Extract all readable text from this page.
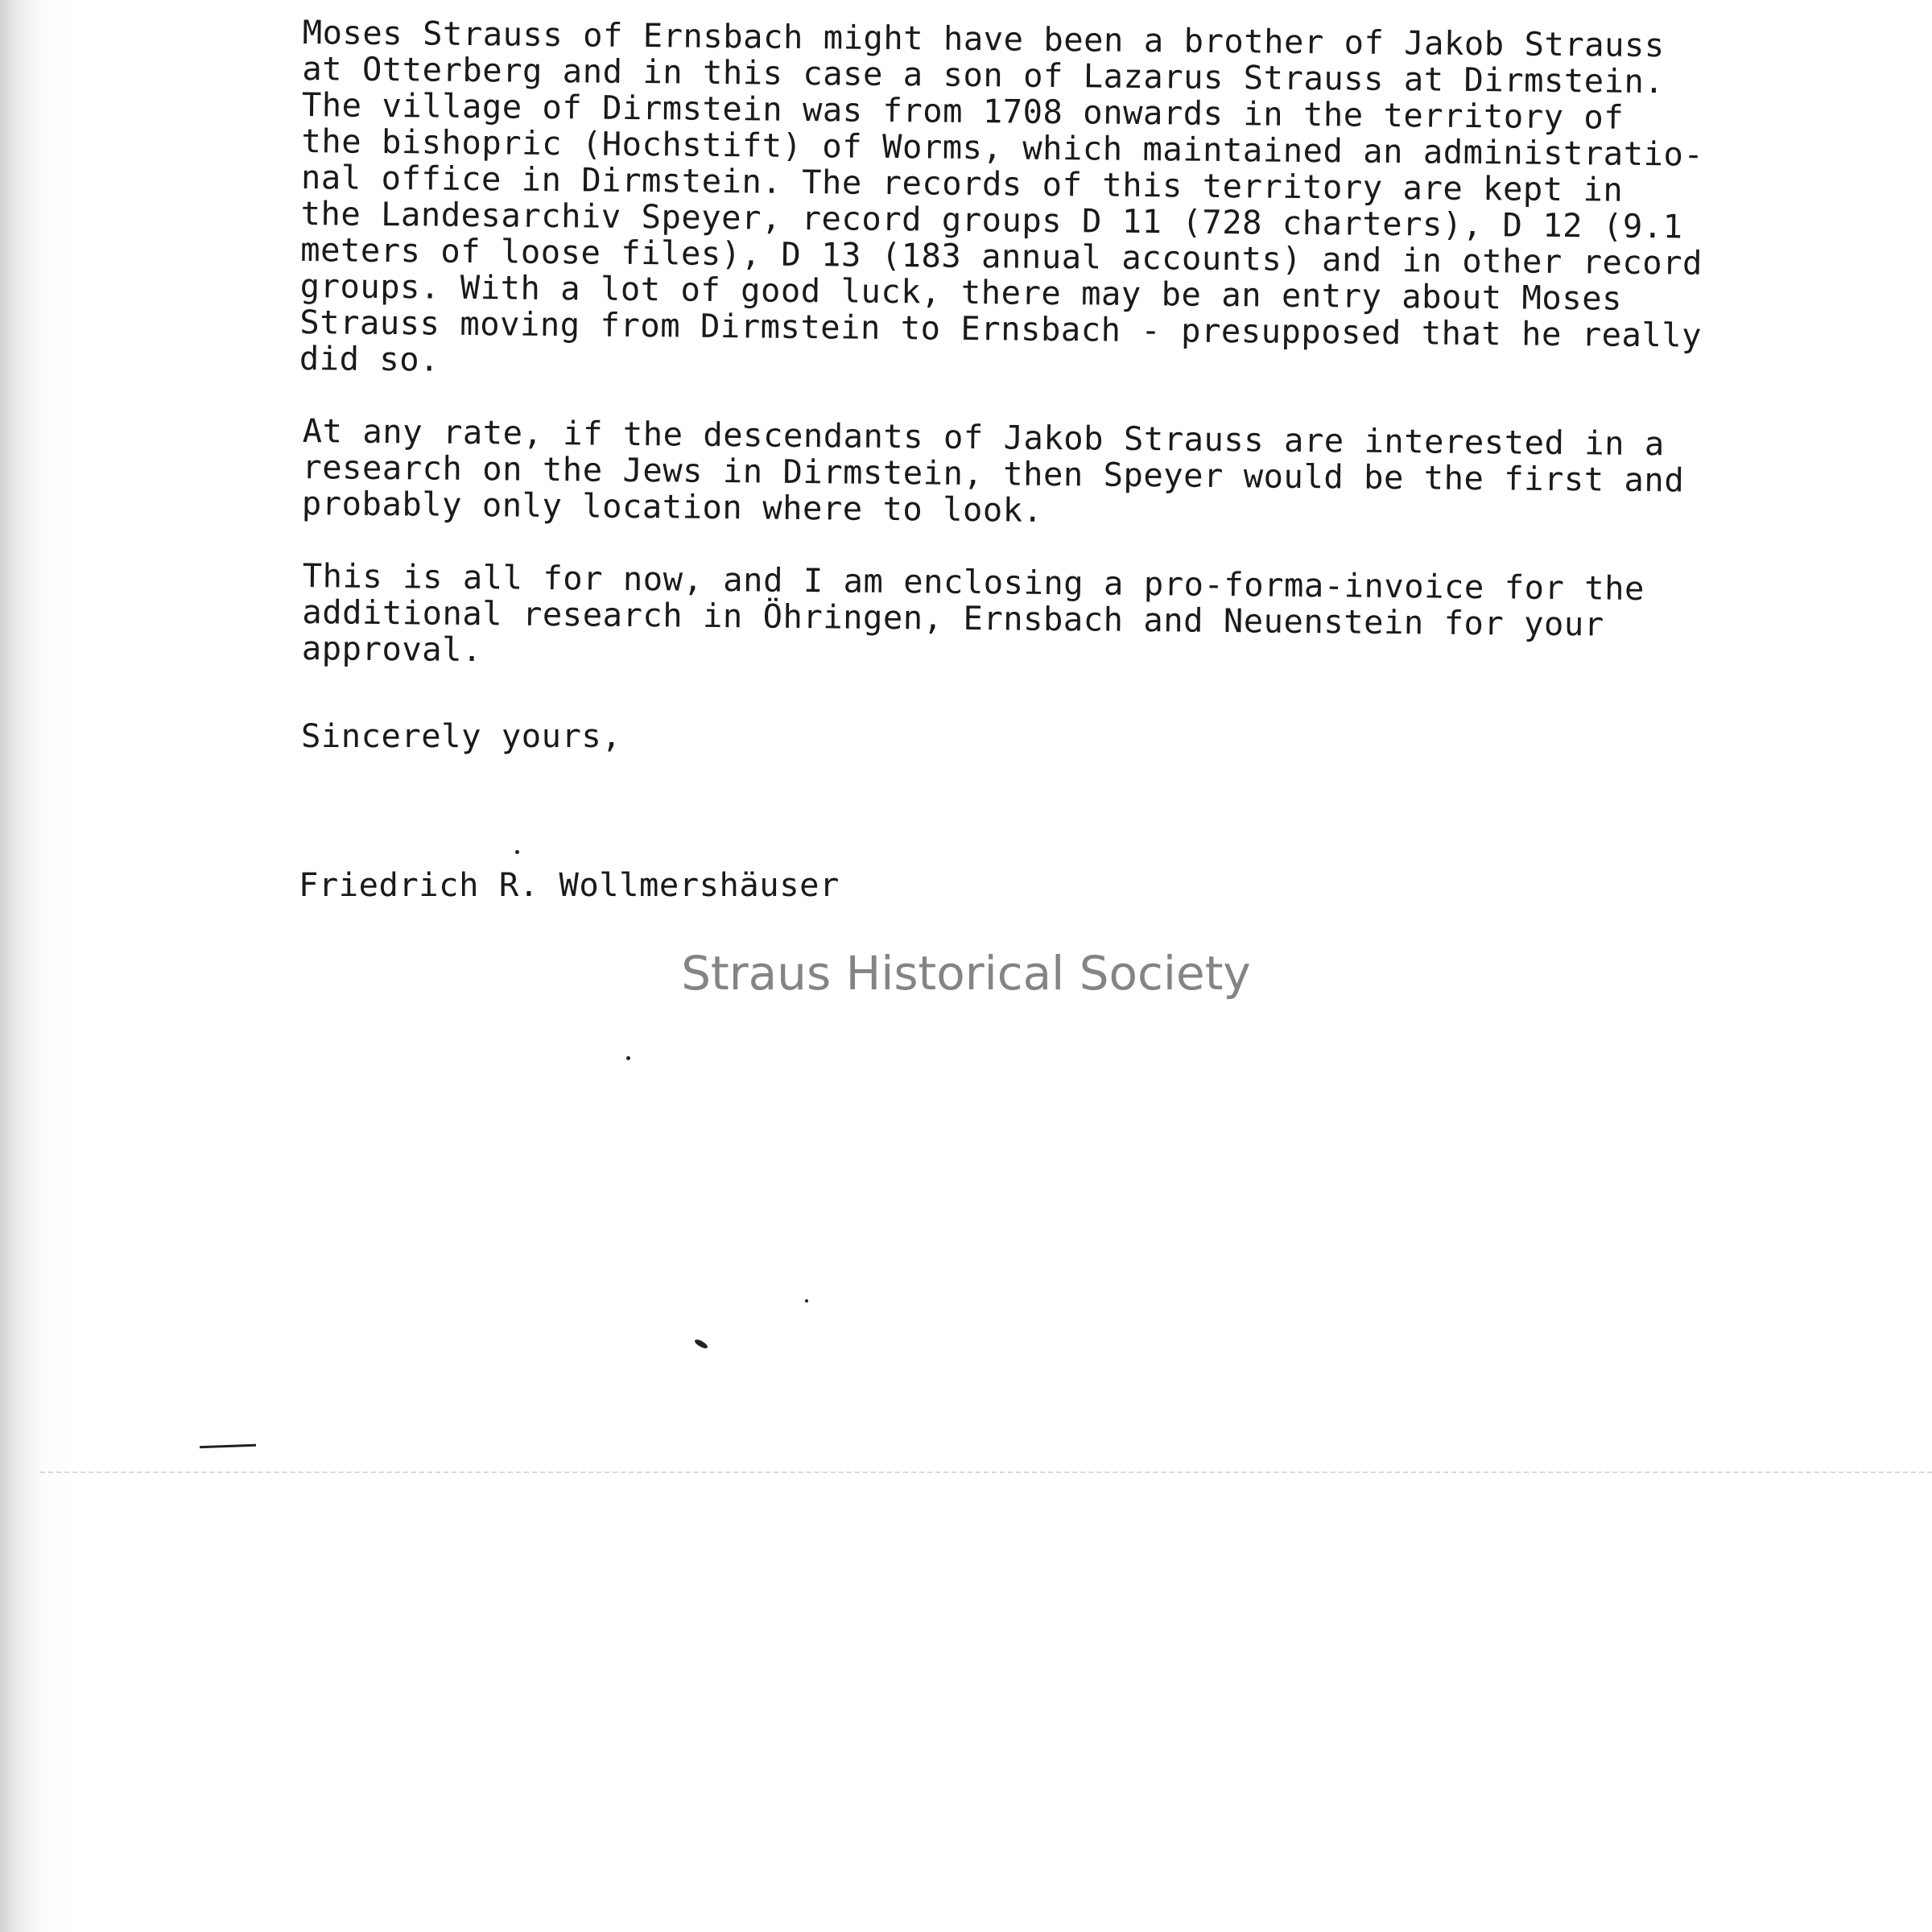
Moses Strauss of Ernsbach might have been a brother of Jakob Strauss
at Otterberg and in this case a son of Lazarus Strauss at Dirmstein.
The village of Dirmstein was from 1708 onwards in the territory of
the bishopric (Hochstift) of Worms, which maintained an administratio-
nal office in Dirmstein. The records of this territory are kept in
the Landesarchiv Speyer, record groups D 11 (728 charters), D 12 (9.1
meters of loose files), D 13 (183 annual accounts) and in other record
groups. With a lot of good luck, there may be an entry about Moses
Strauss moving from Dirmstein to Ernsbach - presupposed that he really
did so.

At any rate, if the descendants of Jakob Strauss are interested in a
research on the Jews in Dirmstein, then Speyer would be the first and
probably only location where to look.

This is all for now, and I am enclosing a pro-forma-invoice for the
additional research in Öhringen, Ernsbach and Neuenstein for your
approval.

Sincerely yours,

Friedrich R. Wollmershäuser

Straus Historical Society
